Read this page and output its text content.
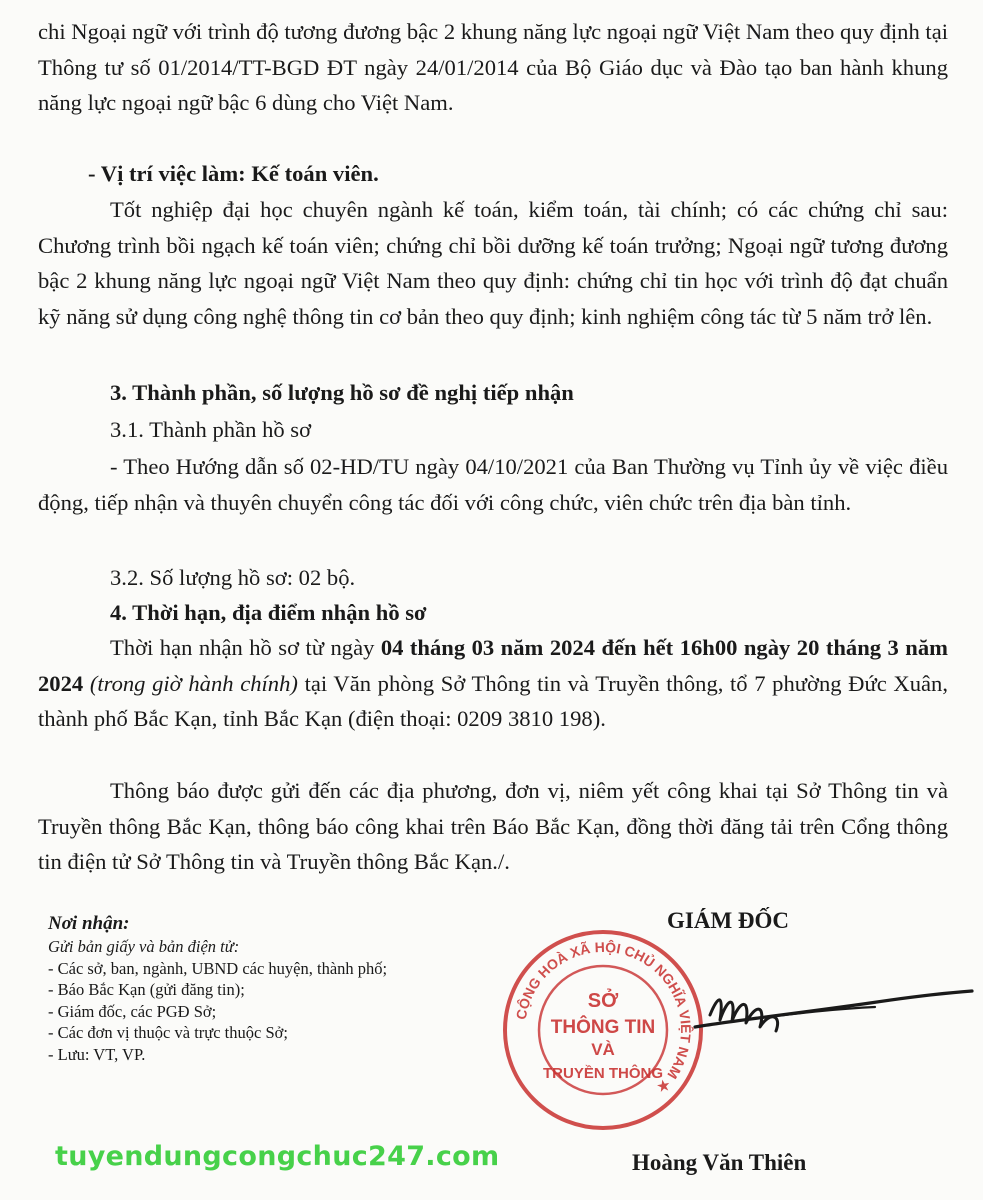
chi Ngoại ngữ với trình độ tương đương bậc 2 khung năng lực ngoại ngữ Việt Nam theo quy định tại Thông tư số 01/2014/TT-BGD ĐT ngày 24/01/2014 của Bộ Giáo dục và Đào tạo ban hành khung năng lực ngoại ngữ bậc 6 dùng cho Việt Nam.
- Vị trí việc làm: Kế toán viên.
Tốt nghiệp đại học chuyên ngành kế toán, kiểm toán, tài chính; có các chứng chỉ sau: Chương trình bồi ngạch kế toán viên; chứng chỉ bồi dưỡng kế toán trưởng; Ngoại ngữ tương đương bậc 2 khung năng lực ngoại ngữ Việt Nam theo quy định: chứng chỉ tin học với trình độ đạt chuẩn kỹ năng sử dụng công nghệ thông tin cơ bản theo quy định; kinh nghiệm công tác từ 5 năm trở lên.
3. Thành phần, số lượng hồ sơ đề nghị tiếp nhận
3.1. Thành phần hồ sơ
- Theo Hướng dẫn số 02-HD/TU ngày 04/10/2021 của Ban Thường vụ Tỉnh ủy về việc điều động, tiếp nhận và thuyên chuyển công tác đối với công chức, viên chức trên địa bàn tỉnh.
3.2. Số lượng hồ sơ: 02 bộ.
4. Thời hạn, địa điểm nhận hồ sơ
Thời hạn nhận hồ sơ từ ngày 04 tháng 03 năm 2024 đến hết 16h00 ngày 20 tháng 3 năm 2024 (trong giờ hành chính) tại Văn phòng Sở Thông tin và Truyền thông, tổ 7 phường Đức Xuân, thành phố Bắc Kạn, tỉnh Bắc Kạn (điện thoại: 0209 3810 198).
Thông báo được gửi đến các địa phương, đơn vị, niêm yết công khai tại Sở Thông tin và Truyền thông Bắc Kạn, thông báo công khai trên Báo Bắc Kạn, đồng thời đăng tải trên Cổng thông tin điện tử Sở Thông tin và Truyền thông Bắc Kạn./.
Nơi nhận:
Gửi bản giấy và bản điện tử:
- Các sở, ban, ngành, UBND các huyện, thành phố;
- Báo Bắc Kạn (gửi đăng tin);
- Giám đốc, các PGĐ Sở;
- Các đơn vị thuộc và trực thuộc Sở;
- Lưu: VT, VP.
GIÁM ĐỐC
CỘNG HOÀ XÃ HỘI CHỦ NGHĨA VIỆT NAM ★
SỞ
THÔNG TIN
VÀ
TRUYỀN THÔNG
Hoàng Văn Thiên
tuyendungcongchuc247.com
